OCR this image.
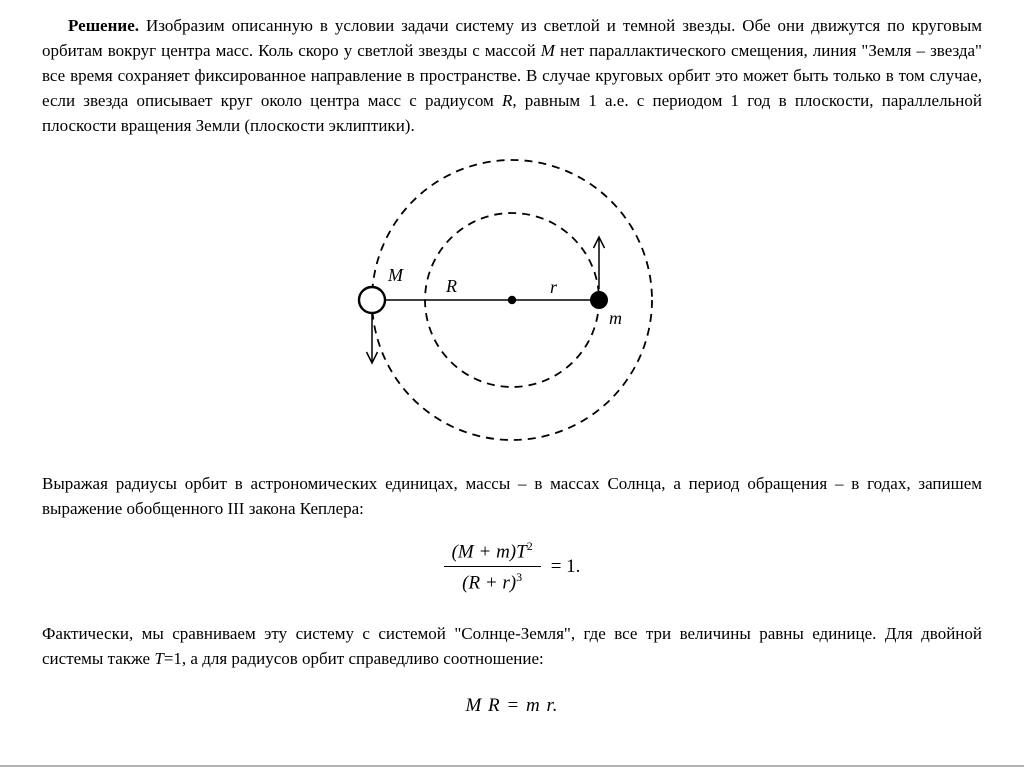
Решение. Изобразим описанную в условии задачи систему из светлой и темной звезды. Обе они движутся по круговым орбитам вокруг центра масс. Коль скоро у светлой звезды с массой M нет параллактического смещения, линия "Земля – звезда" все время сохраняет фиксированное направление в пространстве. В случае круговых орбит это может быть только в том случае, если звезда описывает круг около центра масс с радиусом R, равным 1 а.е. с периодом 1 год в плоскости, параллельной плоскости вращения Земли (плоскости эклиптики).

M
R	r
m

Выражая радиусы орбит в астрономических единицах, массы – в массах Солнца, а период обращения – в годах, запишем выражение обобщенного III закона Кеплера:

$\frac{(M + m)T^2}{(R + r)^3} = 1$.

Фактически, мы сравниваем эту систему с системой "Солнце-Земля", где все три величины равны единице. Для двойной системы также T=1, а для радиусов орбит справедливо соотношение:

M R = m r.
